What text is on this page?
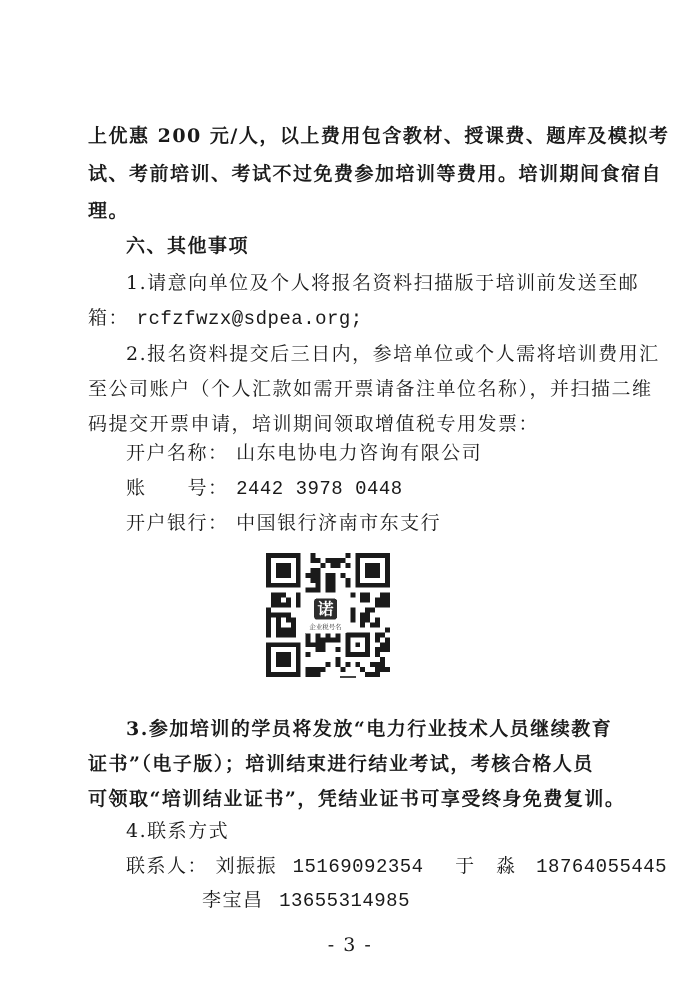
上优惠 200 元/人，以上费用包含教材、授课费、题库及模拟考
试、考前培训、考试不过免费参加培训等费用。培训期间食宿自
理。
六、其他事项
1.请意向单位及个人将报名资料扫描版于培训前发送至邮
箱： rcfzfwzx@sdpea.org;
2.报名资料提交后三日内，参培单位或个人需将培训费用汇
至公司账户（个人汇款如需开票请备注单位名称），并扫描二维
码提交开票申请，培训期间领取增值税专用发票：
开户名称： 山东电协电力咨询有限公司
账　　号： 2442 3978 0448
开户银行： 中国银行济南市东支行
诺
企业税号名
3.参加培训的学员将发放“电力行业技术人员继续教育
证书”（电子版）；培训结束进行结业考试，考核合格人员
可领取“培训结业证书”，凭结业证书可享受终身免费复训。
4.联系方式
联系人： 刘振振 15169092354 于　淼 18764055445
李宝昌 13655314985
- 3 -
